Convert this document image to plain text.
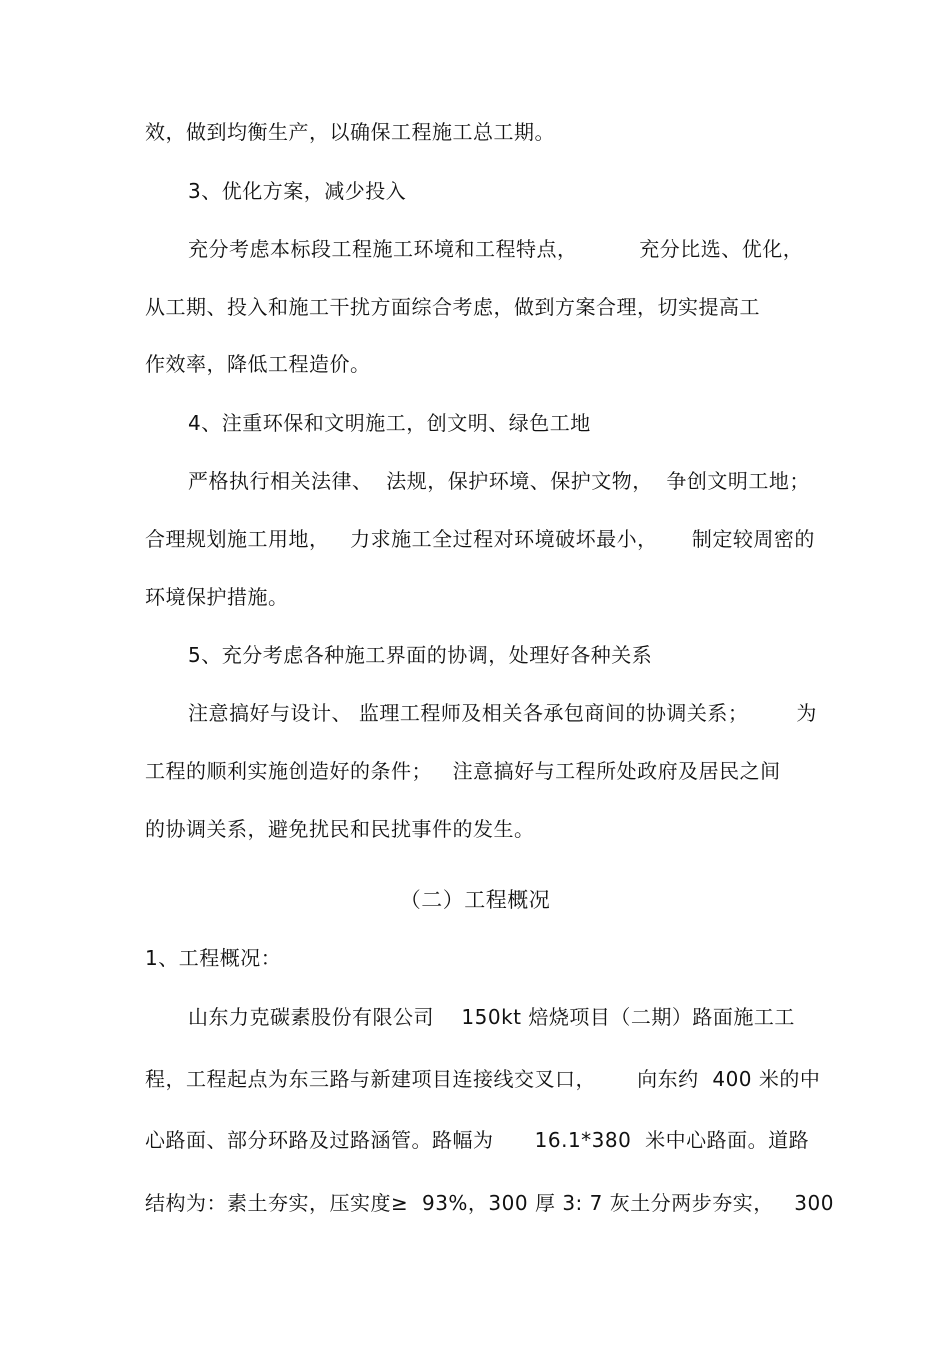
效，做到均衡生产，以确保工程施工总工期。
3、优化方案，减少投入
充分考虑本标段工程施工环境和工程特点，         充分比选、优化，
从工期、投入和施工干扰方面综合考虑，做到方案合理，切实提高工
作效率，降低工程造价。
4、注重环保和文明施工，创文明、绿色工地
严格执行相关法律、  法规，保护环境、保护文物，  争创文明工地；
合理规划施工用地，   力求施工全过程对环境破坏最小，     制定较周密的
环境保护措施。
5、充分考虑各种施工界面的协调，处理好各种关系
注意搞好与设计、 监理工程师及相关各承包商间的协调关系；       为
工程的顺利实施创造好的条件；   注意搞好与工程所处政府及居民之间
的协调关系，避免扰民和民扰事件的发生。
（二）工程概况
1、工程概况：
山东力克碳素股份有限公司    150kt 焙烧项目（二期）路面施工工
程，工程起点为东三路与新建项目连接线交叉口，      向东约  400 米的中
心路面、部分环路及过路涵管。路幅为      16.1*380  米中心路面。道路
结构为：素土夯实，压实度≥  93%，300 厚 3: 7 灰土分两步夯实，   300
